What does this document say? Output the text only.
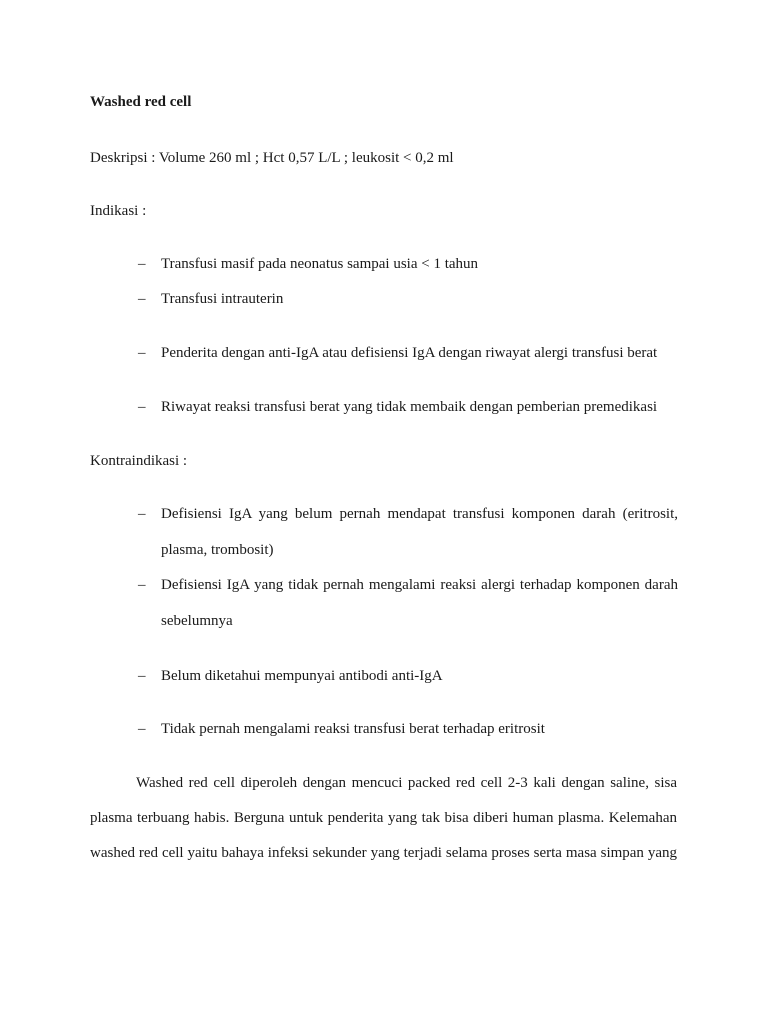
Washed red cell
Deskripsi : Volume 260 ml ; Hct 0,57 L/L ; leukosit < 0,2 ml
Indikasi :
– Transfusi masif pada neonatus sampai usia < 1 tahun
– Transfusi intrauterin
– Penderita dengan anti-IgA atau defisiensi IgA dengan riwayat alergi transfusi berat
– Riwayat reaksi transfusi berat yang tidak membaik dengan pemberian premedikasi
Kontraindikasi :
– Defisiensi IgA yang belum pernah mendapat transfusi komponen darah (eritrosit,
plasma, trombosit)
– Defisiensi IgA yang tidak pernah mengalami reaksi alergi terhadap komponen darah
sebelumnya
– Belum diketahui mempunyai antibodi anti-IgA
– Tidak pernah mengalami reaksi transfusi berat terhadap eritrosit
Washed red cell diperoleh dengan mencuci packed red cell 2-3 kali dengan saline, sisa
plasma terbuang habis. Berguna untuk penderita yang tak bisa diberi human plasma. Kelemahan
washed red cell yaitu bahaya infeksi sekunder yang terjadi selama proses serta masa simpan yang
